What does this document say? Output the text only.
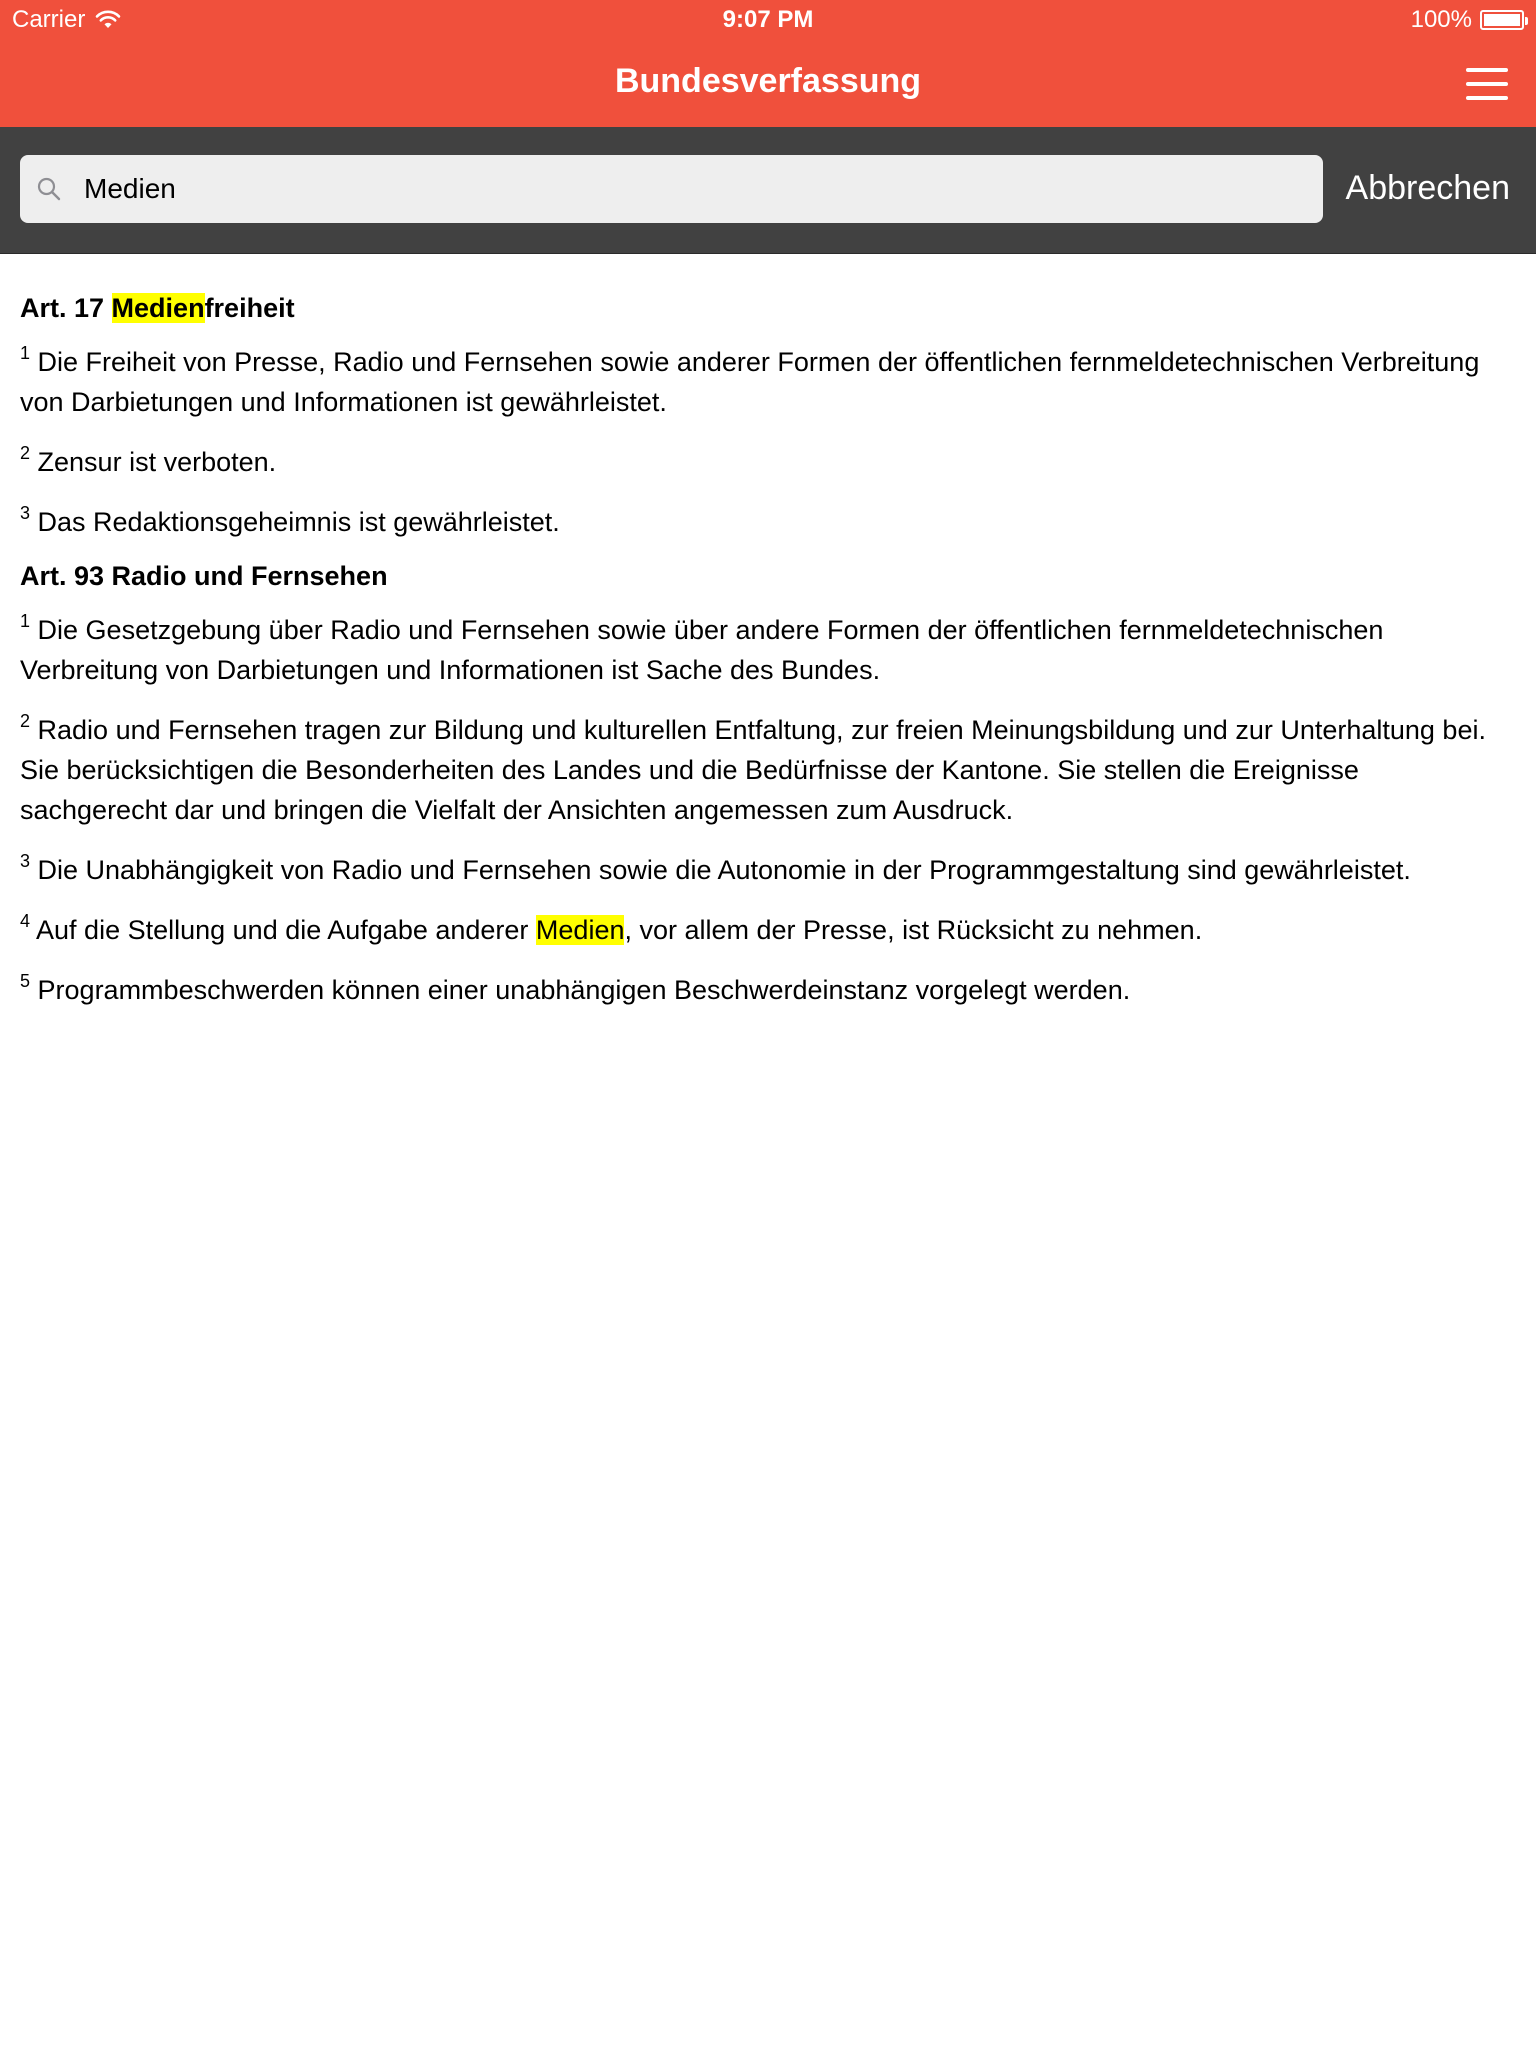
Carrier	9:07 PM	100%
Bundesverfassung
Medien
Abbrechen
Art. 17 Medienfreiheit

$^1$ Die Freiheit von Presse, Radio und Fernsehen sowie anderer Formen der öffentlichen fernmeldetechnischen Verbreitung von Darbietungen und Informationen ist gewährleistet.

$^2$ Zensur ist verboten.

$^3$ Das Redaktionsgeheimnis ist gewährleistet.

Art. 93 Radio und Fernsehen

$^1$ Die Gesetzgebung über Radio und Fernsehen sowie über andere Formen der öffentlichen fernmeldetechnischen Verbreitung von Darbietungen und Informationen ist Sache des Bundes.

$^2$ Radio und Fernsehen tragen zur Bildung und kulturellen Entfaltung, zur freien Meinungsbildung und zur Unterhaltung bei. Sie berücksichtigen die Besonderheiten des Landes und die Bedürfnisse der Kantone. Sie stellen die Ereignisse sachgerecht dar und bringen die Vielfalt der Ansichten angemessen zum Ausdruck.

$^3$ Die Unabhängigkeit von Radio und Fernsehen sowie die Autonomie in der Programmgestaltung sind gewährleistet.

$^4$ Auf die Stellung und die Aufgabe anderer Medien, vor allem der Presse, ist Rücksicht zu nehmen.

$^5$ Programmbeschwerden können einer unabhängigen Beschwerdeinstanz vorgelegt werden.
